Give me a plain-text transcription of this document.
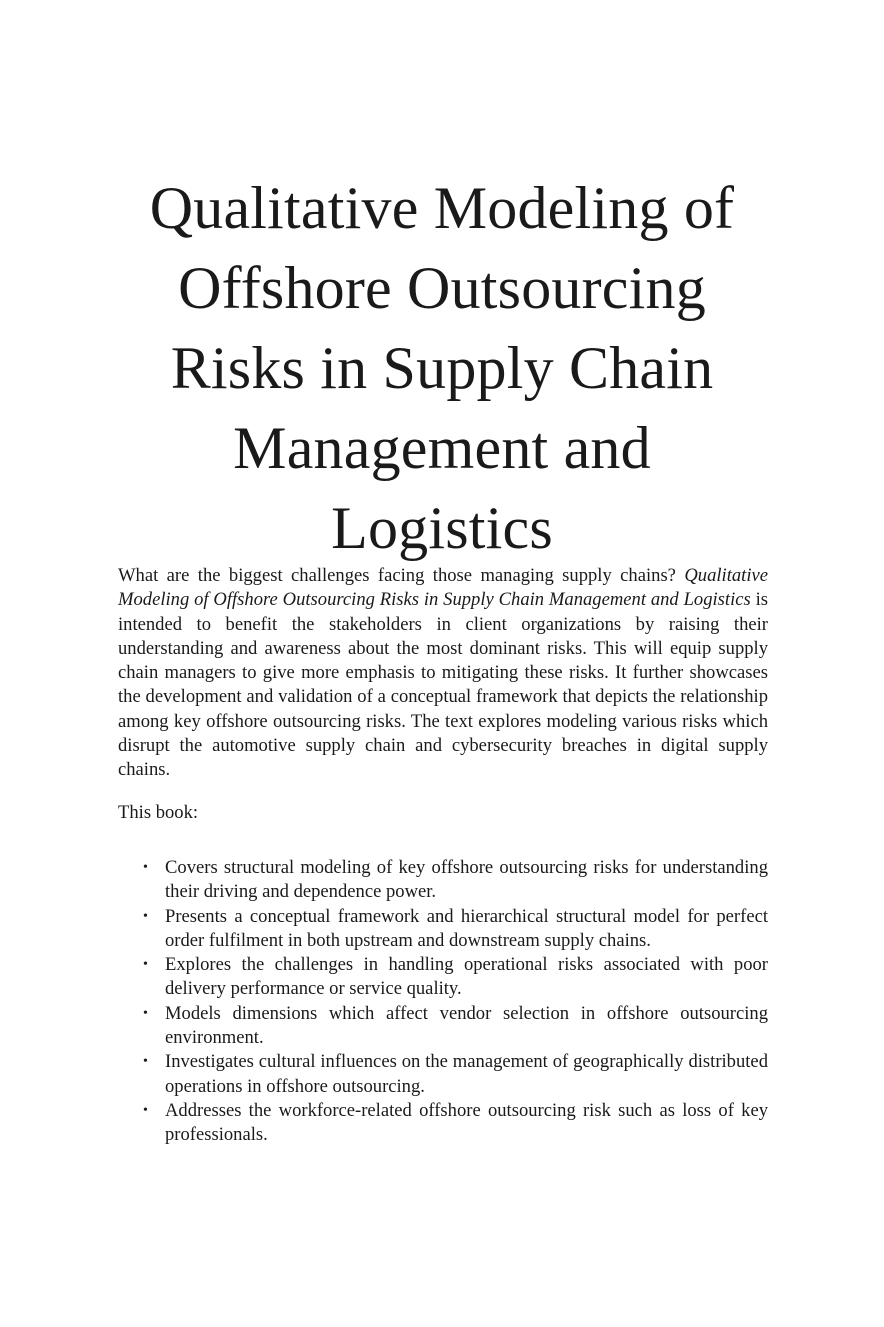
Qualitative Modeling of
Offshore Outsourcing
Risks in Supply Chain
Management and
Logistics

What are the biggest challenges facing those managing supply chains? Qualitative Modeling of Offshore Outsourcing Risks in Supply Chain Management and Logistics is intended to benefit the stakeholders in client organizations by raising their understanding and awareness about the most dominant risks. This will equip supply chain managers to give more emphasis to mitigating these risks. It further showcases the development and validation of a conceptual framework that depicts the relationship among key offshore outsourcing risks. The text explores modeling various risks which disrupt the automotive supply chain and cybersecurity breaches in digital supply chains.

This book:

• Covers structural modeling of key offshore outsourcing risks for understanding their driving and dependence power.
• Presents a conceptual framework and hierarchical structural model for perfect order fulfilment in both upstream and downstream supply chains.
• Explores the challenges in handling operational risks associated with poor delivery performance or service quality.
• Models dimensions which affect vendor selection in offshore outsourcing environment.
• Investigates cultural influences on the management of geographically distributed operations in offshore outsourcing.
• Addresses the workforce-related offshore outsourcing risk such as loss of key professionals.
